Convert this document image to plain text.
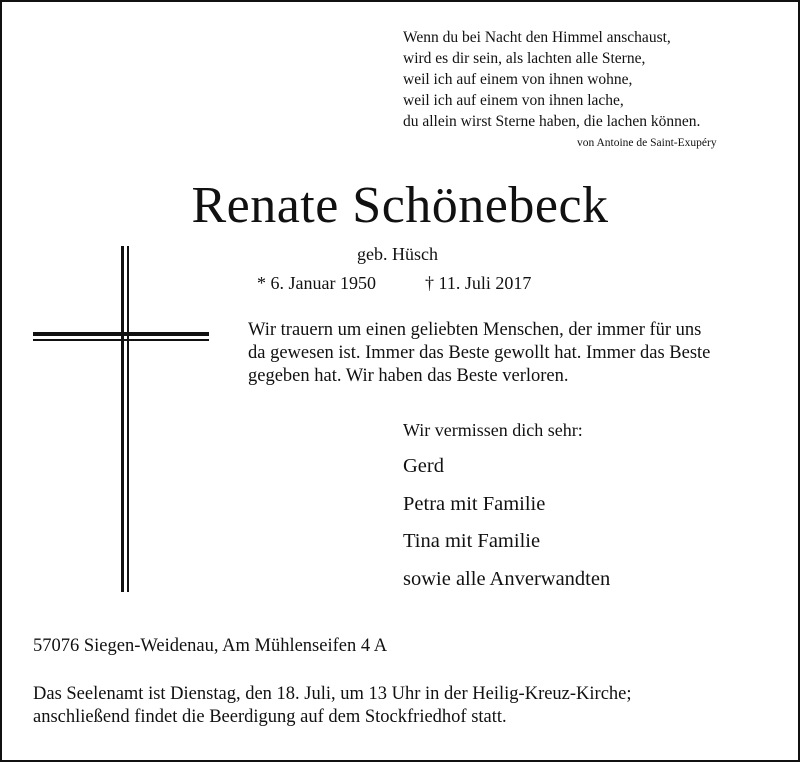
Wenn du bei Nacht den Himmel anschaust,
wird es dir sein, als lachten alle Sterne,
weil ich auf einem von ihnen wohne,
weil ich auf einem von ihnen lache,
du allein wirst Sterne haben, die lachen können.
von Antoine de Saint-Exupéry
Renate Schönebeck
geb. Hüsch
* 6. Januar 1950	† 11. Juli 2017
Wir trauern um einen geliebten Menschen, der immer für uns
da gewesen ist. Immer das Beste gewollt hat. Immer das Beste
gegeben hat. Wir haben das Beste verloren.
Wir vermissen dich sehr:
Gerd
Petra mit Familie
Tina mit Familie
sowie alle Anverwandten
57076 Siegen-Weidenau, Am Mühlenseifen 4 A
Das Seelenamt ist Dienstag, den 18. Juli, um 13 Uhr in der Heilig-Kreuz-Kirche;
anschließend findet die Beerdigung auf dem Stockfriedhof statt.
